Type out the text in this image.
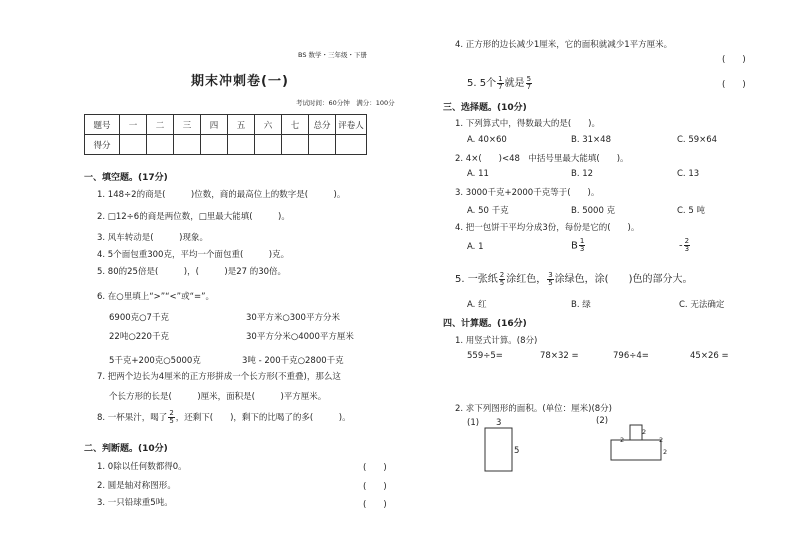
BS 数学・三年级・下册
期末冲刺卷(一)
考试时间：60分钟　满分：100分
题号	一	二	三	四	五	六	七	总分	评卷人
得分									
一、填空题。(17分)
1. 148÷2的商是(　　　)位数，商的最高位上的数字是(　　　)。
2. □12÷6的商是两位数，□里最大能填(　　　)。
3. 风车转动是(　　　)现象。
4. 5个面包重300克，平均一个面包重(　　　)克。
5. 80的25倍是(　　　)，(　　　)是27 的30倍。
6. 在○里填上“>”“<”或“=”。
6900克○7千克	30平方米○300平方分米
22吨○220千克	30平方分米○4000平方厘米
5千克+200克○5000克	3吨 - 200千克○2800千克
7. 把两个边长为4厘米的正方形拼成一个长方形(不重叠)，那么这
个长方形的长是(　　　)厘米，面积是(　　　)平方厘米。
8. 一杯果汁，喝了 $\frac{2}{5}$ ，还剩下(　　)，剩下的比喝了的多(　　　)。
二、判断题。(10分)
1. 0除以任何数都得0。	(　　)
2. 圆是轴对称图形。	(　　)
3. 一只铅球重5吨。	(　　)
4. 正方形的边长减少1厘米，它的面积就减少1平方厘米。
(　　)
5. 5个 $\frac{1}{7}$ 就是 $\frac{5}{7}$	(　　)
三、选择题。(10分)
1. 下列算式中，得数最大的是(　　)。
A. 40×60	B. 31×48	C. 59×64
2. 4×(　　)<48　中括号里最大能填(　　)。
A. 11	B. 12	C. 13
3. 3000千克+2000千克等于(　　)。
A. 50 千克	B. 5000 克	C. 5 吨
4. 把一包饼干平均分成3份，每份是它的(　　)。
A. 1	B $\frac{1}{3}$	- $\frac{2}{3}$
5. 一张纸 $\frac{2}{5}$ 涂红色， $\frac{3}{5}$ 涂绿色，涂(　　)色的部分大。
A. 红	B. 绿	C. 无法确定
四、计算题。(16分)
1. 用竖式计算。(8分)
559÷5=	78×32 =	796÷4=	45×26 =
2. 求下列图形的面积。(单位：厘米)(8分)
(1) 3
5
(2)
2
2
2
2
